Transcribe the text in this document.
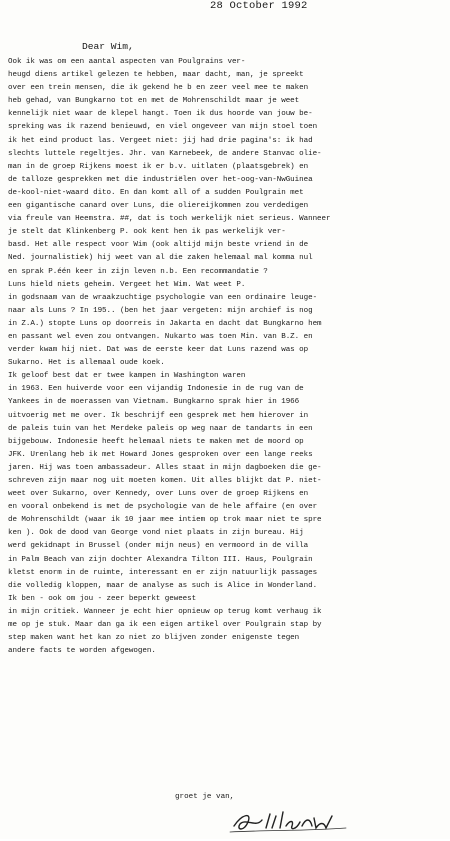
28 October 1992
Dear Wim,
Ook ik was om een aantal aspecten van Poulgrains ver-
heugd diens artikel gelezen te hebben, maar dacht, man, je spreekt
over een trein mensen, die ik gekend he b en zeer veel mee te maken
heb gehad, van Bungkarno tot en met de Mohrenschildt maar je weet
kennelijk niet waar de klepel hangt. Toen ik dus hoorde van jouw be-
spreking was ik razend benieuwd, en viel ongeveer van mijn stoel toen
ik het eind product las. Vergeet niet: jij had drie pagina's: ik had
slechts luttele regeltjes. Jhr. van Karnebeek, de andere Stanvac olie-
man in de groep Rijkens moest ik er b.v. uitlaten (plaatsgebrek) en
de talloze gesprekken met die industriëlen over het-oog-van-NwGuinea
de-kool-niet-waard dito. En dan komt all of a sudden Poulgrain met
een gigantische canard over Luns, die oliereijkommen zou verdedigen
via freule van Heemstra. ##, dat is toch werkelijk niet serieus. Wanneer
je stelt dat Klinkenberg P. ook kent hen ik pas werkelijk ver-
basd. Het alle respect voor Wim (ook altijd mijn beste vriend in de
Ned. journalistiek) hij weet van al die zaken helemaal mal komma nul
en sprak P.één keer in zijn leven n.b. Een recommandatie ?
Luns hield niets geheim. Vergeet het Wim. Wat weet P.
in godsnaam van de wraakzuchtige psychologie van een ordinaire leuge-
naar als Luns ? In 195.. (ben het jaar vergeten: mijn archief is nog
in Z.A.) stopte Luns op doorreis in Jakarta en dacht dat Bungkarno hem
en passant wel even zou ontvangen. Nukarto was toen Min. van B.Z. en
verder kwam hij niet. Dat was de eerste keer dat Luns razend was op
Sukarno. Het is allemaal oude koek.
Ik geloof best dat er twee kampen in Washington waren
in 1963. Een huiverde voor een vijandig Indonesie in de rug van de
Yankees in de moerassen van Vietnam. Bungkarno sprak hier in 1966
uitvoerig met me over. Ik beschrijf een gesprek met hem hierover in
de paleis tuin van het Merdeke paleis op weg naar de tandarts in een
bijgebouw. Indonesie heeft helemaal niets te maken met de moord op
JFK. Urenlang heb ik met Howard Jones gesproken over een lange reeks
jaren. Hij was toen ambassadeur. Alles staat in mijn dagboeken die ge-
schreven zijn maar nog uit moeten komen. Uit alles blijkt dat P. niet-
weet over Sukarno, over Kennedy, over Luns over de groep Rijkens en
en vooral onbekend is met de psychologie van de hele affaire (en over
de Mohrenschildt (waar ik 10 jaar mee intiem op trok maar niet te spre
ken ). Ook de dood van George vond niet plaats in zijn bureau. Hij
werd gekidnapt in Brussel (onder mijn neus) en vermoord in de villa
in Palm Beach van zijn dochter Alexandra Tilton III. Haus, Poulgrain
kletst enorm in de ruimte, interessant en er zijn natuurlijk passages
die volledig kloppen, maar de analyse as such is Alice in Wonderland.
Ik ben - ook om jou - zeer beperkt geweest
in mijn critiek. Wanneer je echt hier opnieuw op terug komt verhaug ik
me op je stuk. Maar dan ga ik een eigen artikel over Poulgrain stap by
step maken want het kan zo niet zo blijven zonder enigenste tegen
andere facts te worden afgewogen.
groet je van,
